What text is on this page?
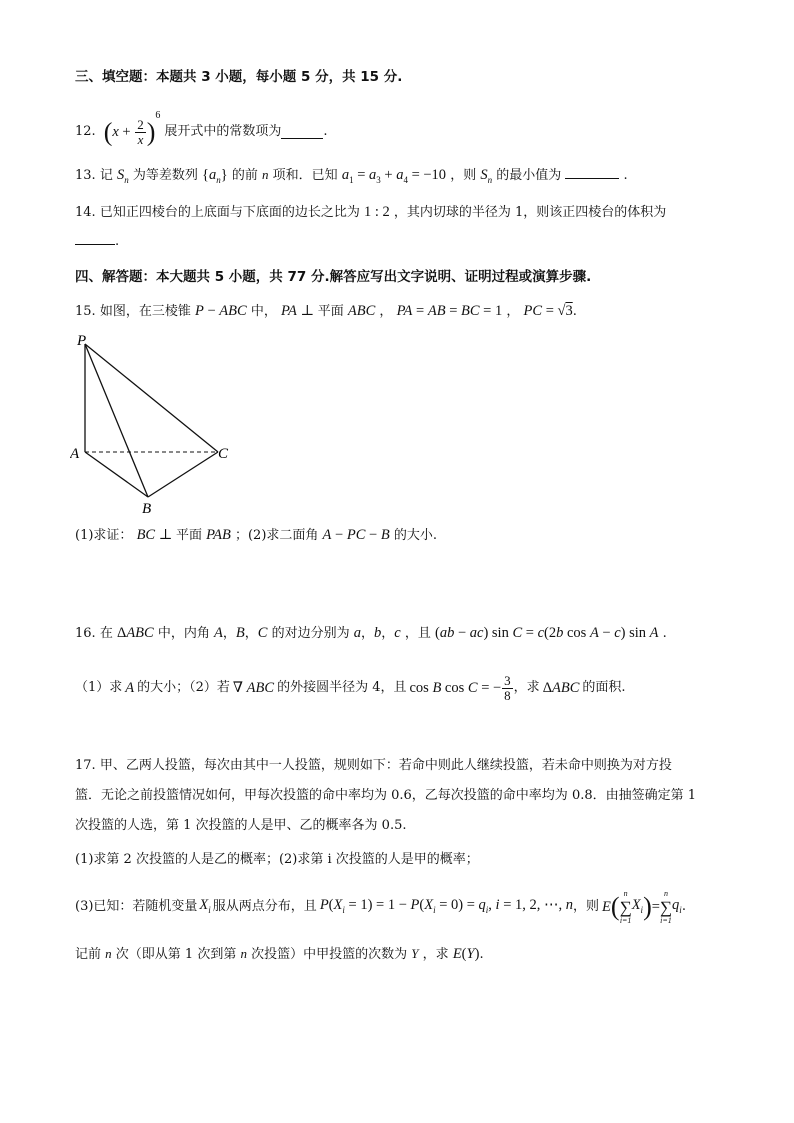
三、填空题：本题共 3 小题，每小题 5 分，共 15 分.
12. $(x + \frac{2}{x} )^6$
展开式中的常数项为	.
13. 记 $S_n$ 为等差数列 $\{a_n\}$ 的前 n 项和．已知 $a_1 = a_3 + a_4 = -10$ ，则 $S_n$ 的最小值为	.
14. 已知正四棱台的上底面与下底面的边长之比为 1 : 2 ，其内切球的半径为 1，则该正四棱台的体积为
.
四、解答题：本大题共 5 小题，共 77 分.解答应写出文字说明、证明过程或演算步骤.
15. 如图，在三棱锥 P − ABC 中， PA ⊥ 平面 ABC ， PA = AB = BC = 1 ， PC = √3.
P
A	C
B
(1)求证： BC ⊥ 平面 PAB ；(2)求二面角 A − PC − B 的大小.
16. 在 ΔABC 中，内角 A，B，C 的对边分别为 a，b，c ，且 (ab − ac) sin C = c(2b cos A − c) sin A .
（1）求 A 的大小；（2）若 ∇ ABC 的外接圆半径为 4，且 cos B cos C = − $\frac{3}{8}$ ，求 ΔABC 的面积.
17. 甲、乙两人投篮，每次由其中一人投篮，规则如下：若命中则此人继续投篮，若未命中则换为对方投
篮．无论之前投篮情况如何，甲每次投篮的命中率均为 0.6，乙每次投篮的命中率均为 0.8．由抽签确定第 1
次投篮的人选，第 1 次投篮的人是甲、乙的概率各为 0.5.
(1)求第 2 次投篮的人是乙的概率；(2)求第 i 次投篮的人是甲的概率；
(3)已知：若随机变量 $X_i$ 服从两点分布，且 $P(X_i = 1) = 1 - P(X_i = 0) = q_i$, i = 1, 2, ⋯, n ，则 E ( n
∑
i=1
$X_i$ ) =
n
∑
i=1
$q_i$ .
记前 n 次（即从第 1 次到第 n 次投篮）中甲投篮的次数为 Y ，求 E(Y).
